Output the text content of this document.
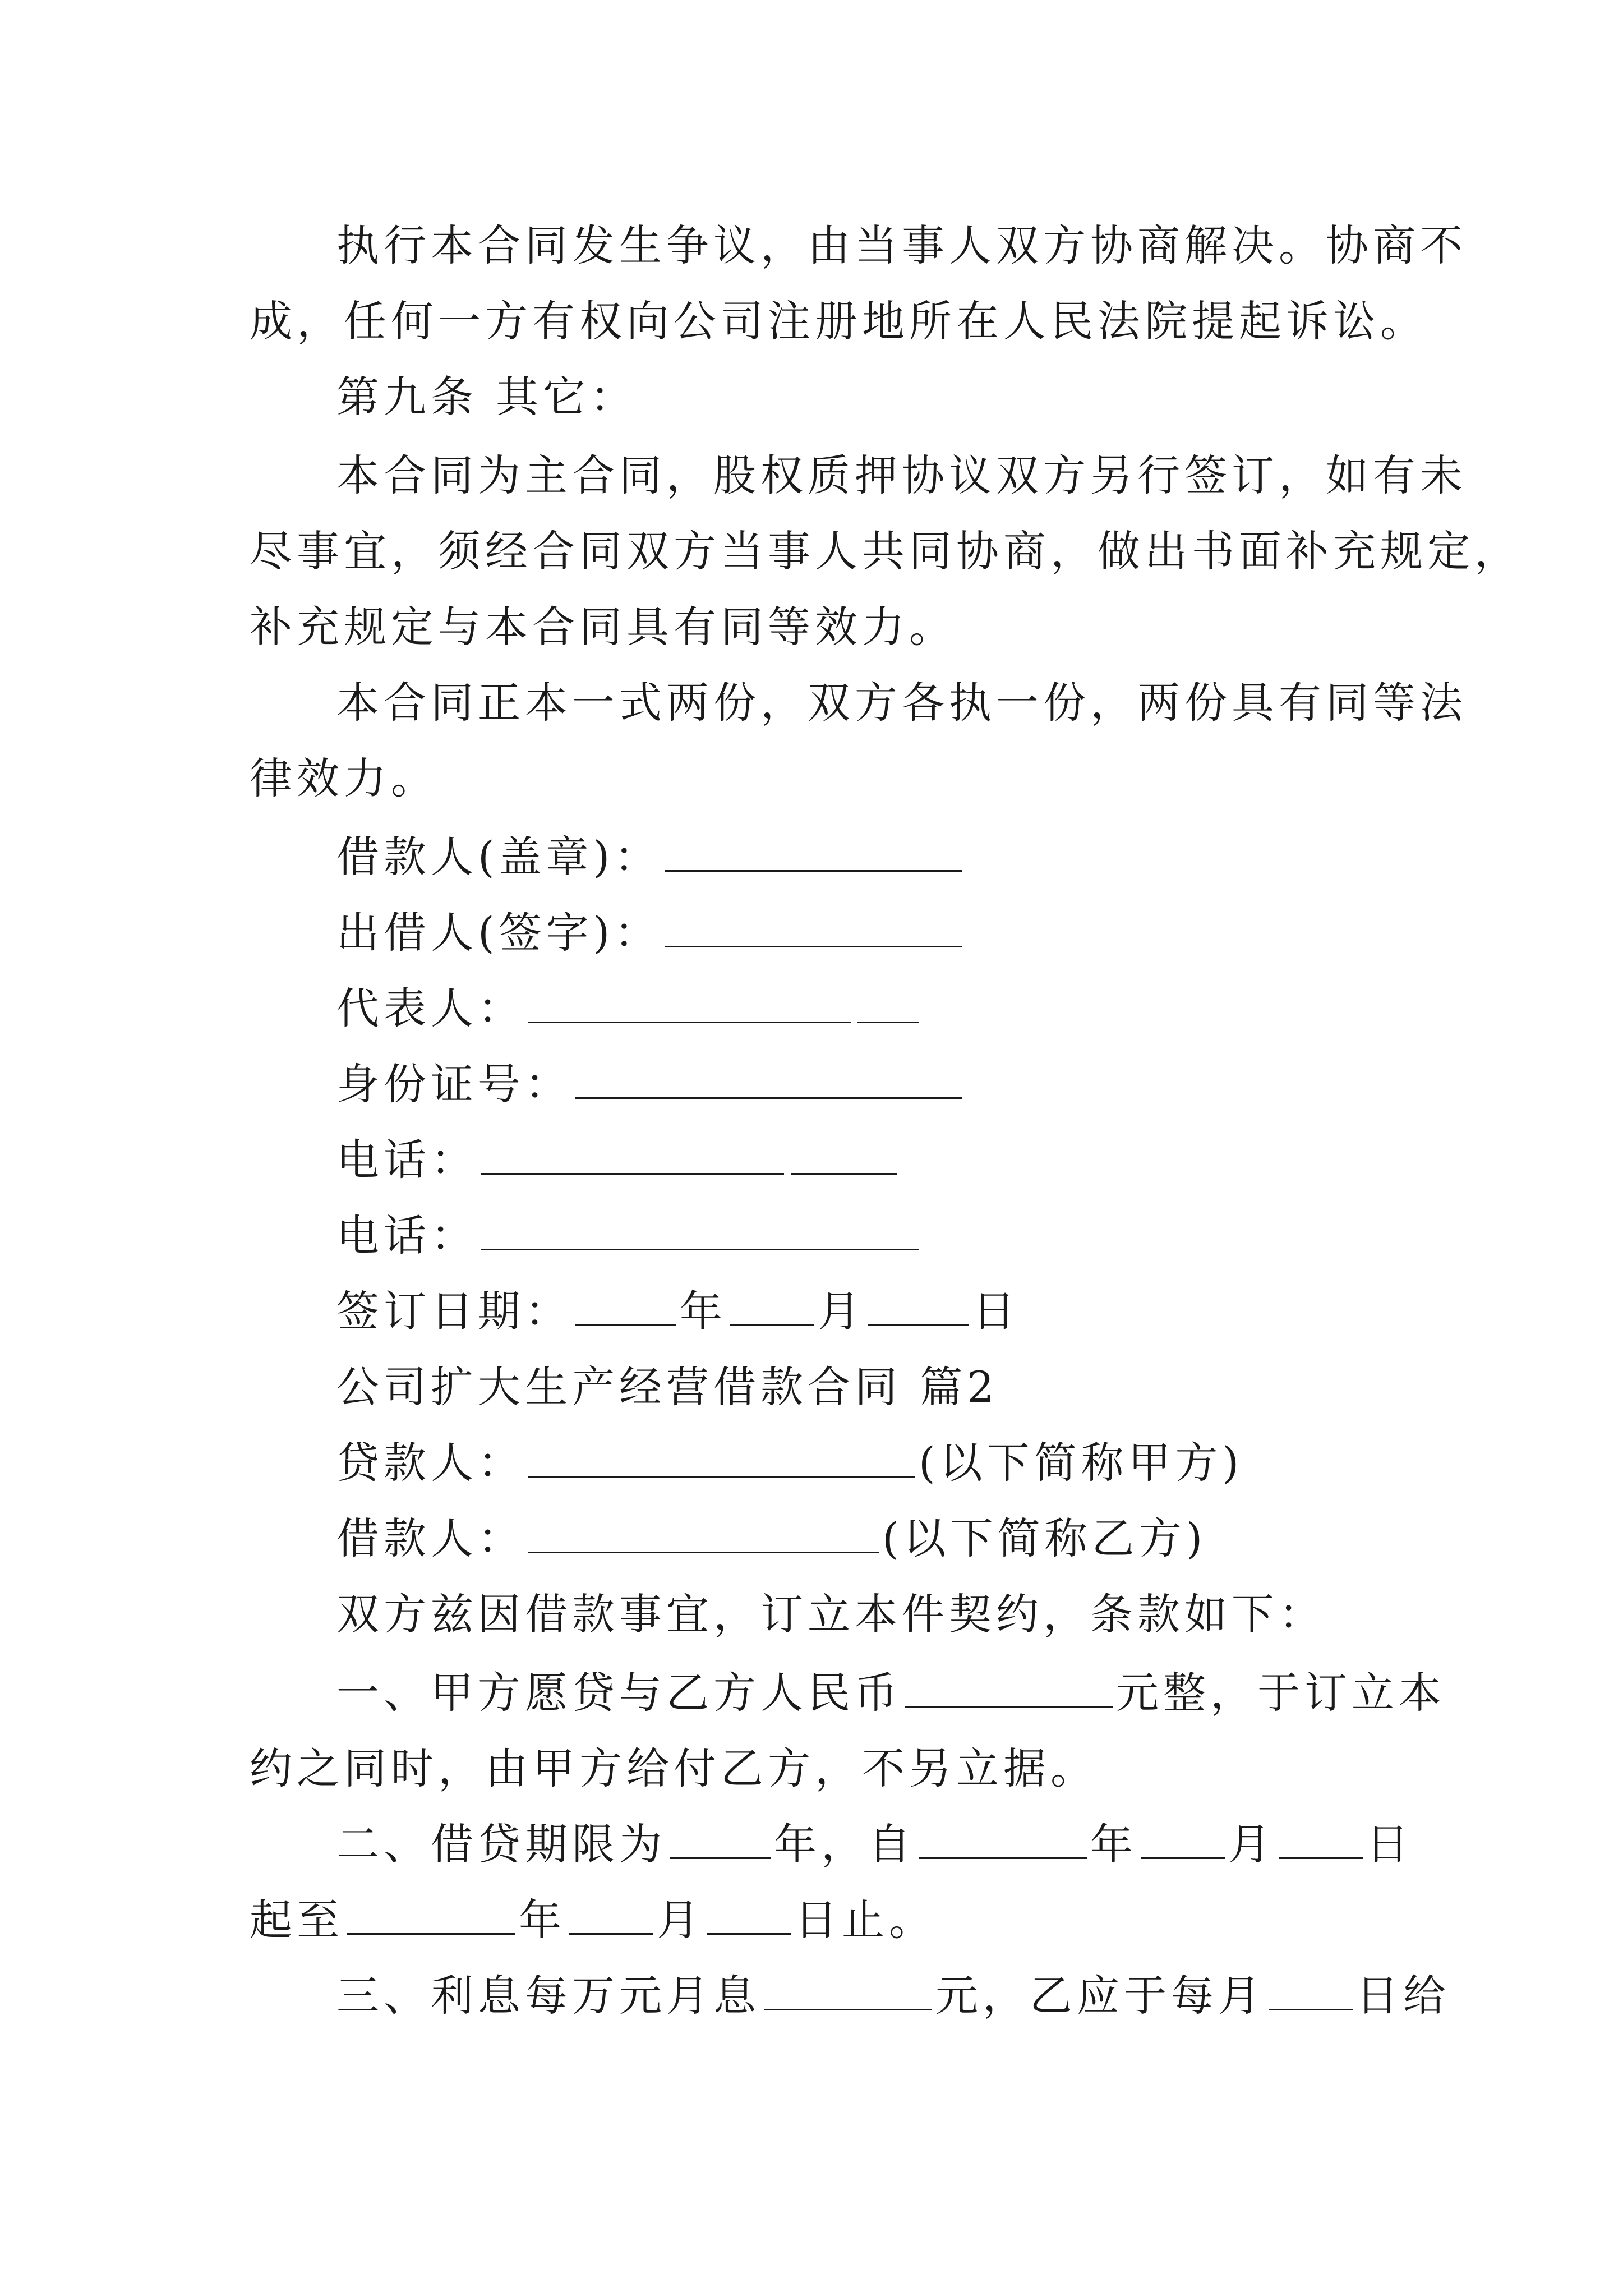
执行本合同发生争议，由当事人双方协商解决。协商不
成，任何一方有权向公司注册地所在人民法院提起诉讼。
第九条 其它：
本合同为主合同，股权质押协议双方另行签订，如有未
尽事宜，须经合同双方当事人共同协商，做出书面补充规定，
补充规定与本合同具有同等效力。
本合同正本一式两份，双方各执一份，两份具有同等法
律效力。
借款人(盖章)：
出借人(签字)：
代表人：
身份证号：
电话：
电话：
签订日期：	年 月	日
公司扩大生产经营借款合同 篇2
贷款人：	(以下简称甲方)
借款人：	(以下简称乙方)
双方兹因借款事宜，订立本件契约，条款如下：
一、甲方愿贷与乙方人民币	元整，于订立本
约之同时，由甲方给付乙方，不另立据。
二、借贷期限为	年，自	年 月 日
起至	年 月 日止。
三、利息每万元月息	元，乙应于每月 日给
